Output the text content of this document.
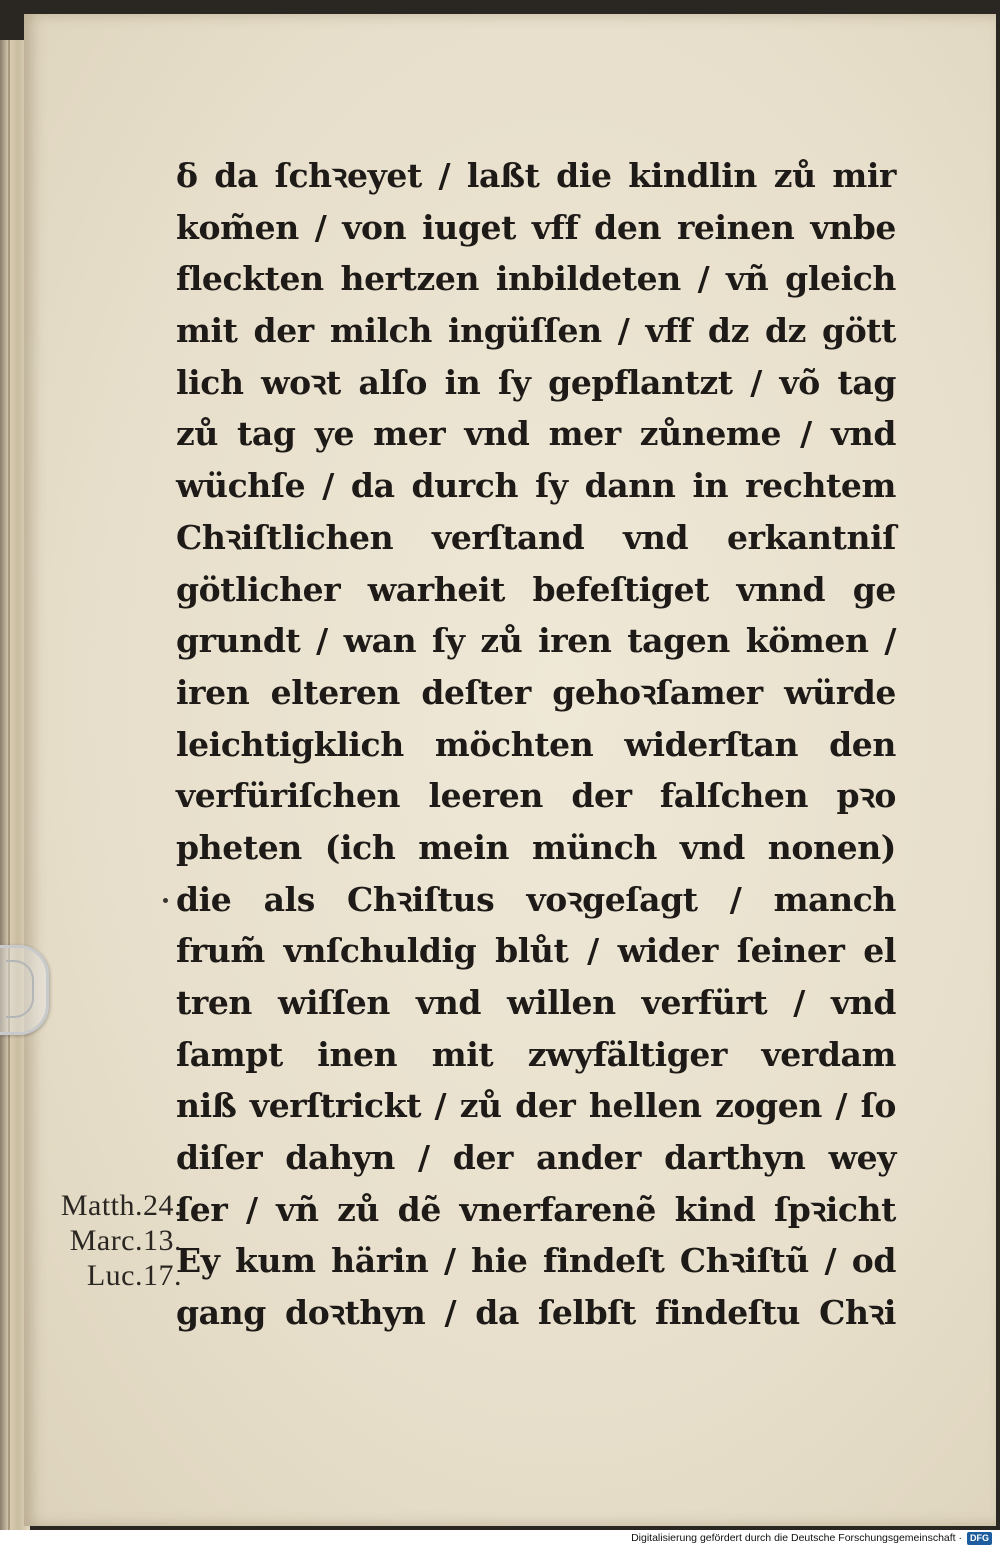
ẟ da ſchꝛeyet / laßt die kindlin zů mir
kom̃en / von iuget vff den reinen vnbe
fleckten hertzen inbildeten / vñ gleich
mit der milch ingüſſen / vff dz dz gött
lich woꝛt alſo in ſy gepflantzt / võ tag
zů tag ye mer vnd mer zůneme / vnd
wüchſe / da durch ſy dann in rechtem
Chꝛiſtlichen verſtand vnd erkantniſ
götlicher warheit befeſtiget vnnd ge
grundt / wan ſy zů iren tagen kömen /
iren elteren deſter gehoꝛſamer würde
leichtigklich möchten widerſtan den
verfüriſchen leeren der falſchen pꝛo
pheten (ich mein münch vnd nonen)
die als Chꝛiſtus voꝛgeſagt / manch
frum̃ vnſchuldig blůt / wider ſeiner el
tren wiſſen vnd willen verfürt / vnd
ſampt inen mit zwyfältiger verdam
niß verſtrickt / zů der hellen zogen / ſo
diſer dahyn / der ander darthyn wey
ſer / vñ zů dẽ vnerfarenẽ kind ſpꝛicht
Ey kum härin / hie findeſt Chꝛiſtũ / od
gang doꝛthyn / da ſelbſt findeſtu Chꝛi
Matth.24.
Marc.13.
Luc.17.
Digitalisierung gefördert durch die Deutsche Forschungsgemeinschaft · DFG
